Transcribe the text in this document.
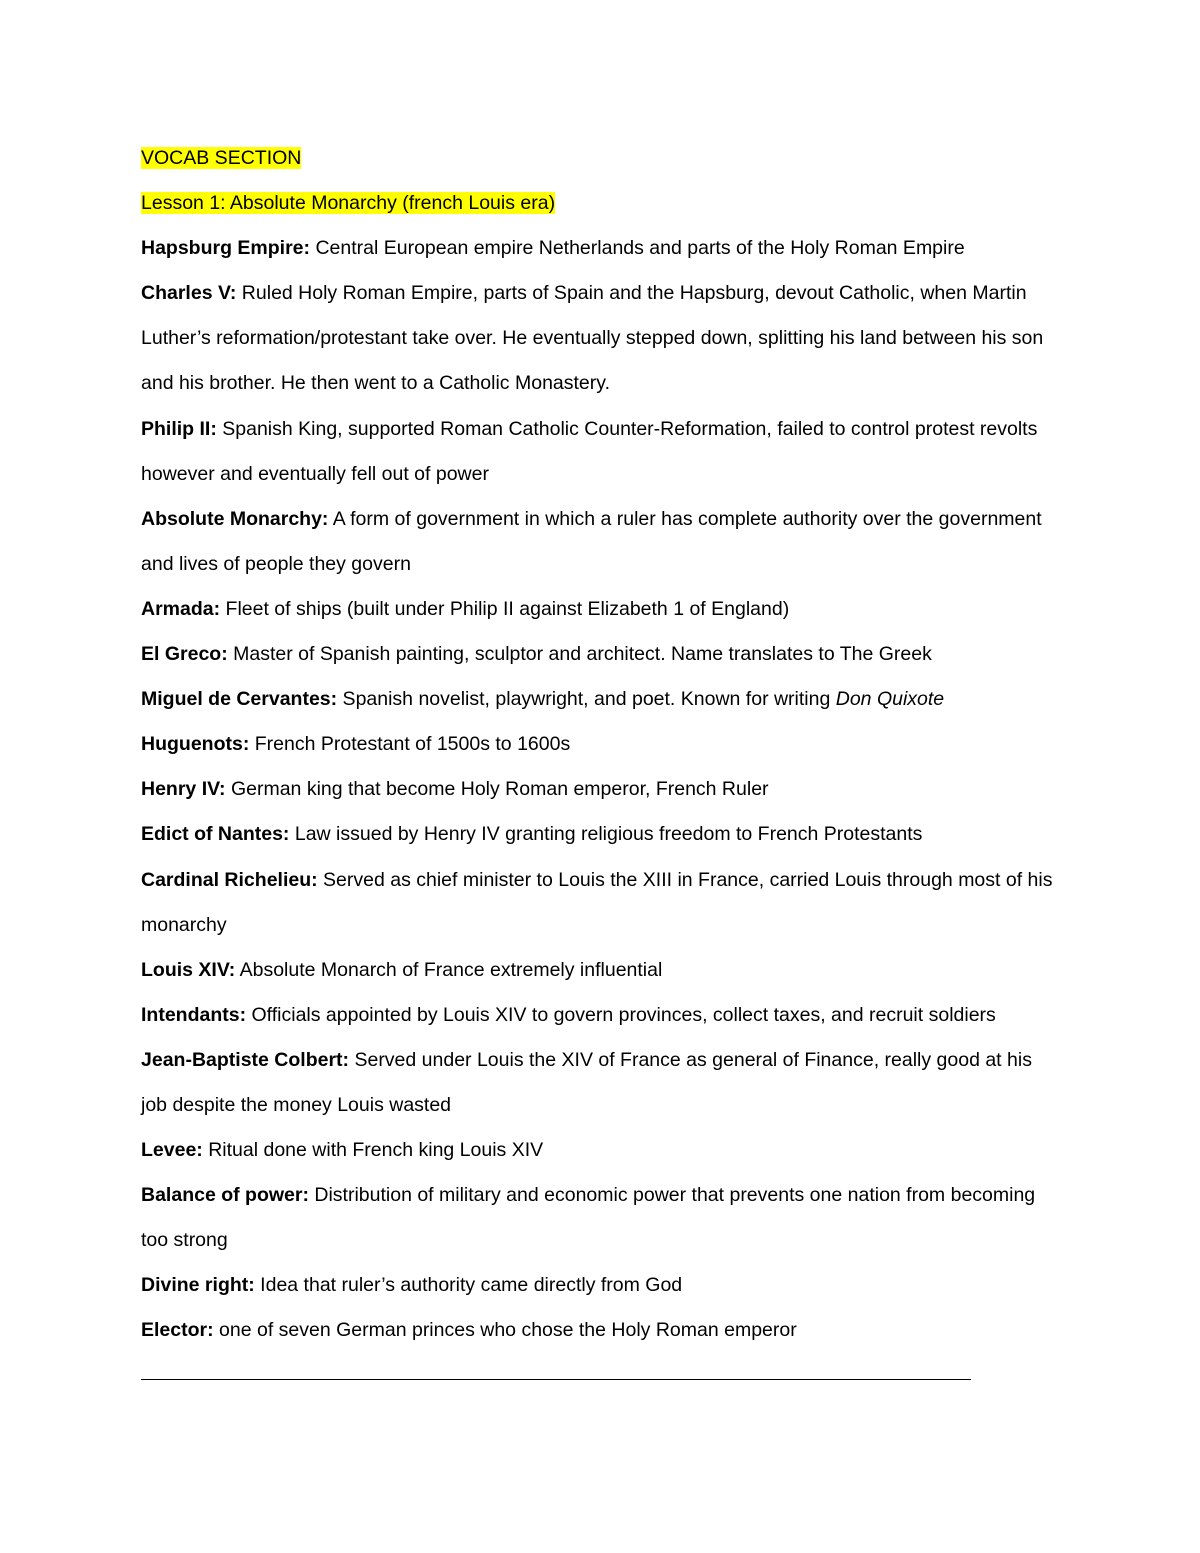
VOCAB SECTION
Lesson 1: Absolute Monarchy (french Louis era)
Hapsburg Empire: Central European empire Netherlands and parts of the Holy Roman Empire
Charles V: Ruled Holy Roman Empire, parts of Spain and the Hapsburg, devout Catholic, when Martin
Luther’s reformation/protestant take over. He eventually stepped down, splitting his land between his son
and his brother. He then went to a Catholic Monastery.
Philip II: Spanish King, supported Roman Catholic Counter-Reformation, failed to control protest revolts
however and eventually fell out of power
Absolute Monarchy: A form of government in which a ruler has complete authority over the government
and lives of people they govern
Armada: Fleet of ships (built under Philip II against Elizabeth 1 of England)
El Greco: Master of Spanish painting, sculptor and architect. Name translates to The Greek
Miguel de Cervantes: Spanish novelist, playwright, and poet. Known for writing Don Quixote
Huguenots: French Protestant of 1500s to 1600s
Henry IV: German king that become Holy Roman emperor, French Ruler
Edict of Nantes: Law issued by Henry IV granting religious freedom to French Protestants
Cardinal Richelieu: Served as chief minister to Louis the XIII in France, carried Louis through most of his
monarchy
Louis XIV: Absolute Monarch of France extremely influential
Intendants: Officials appointed by Louis XIV to govern provinces, collect taxes, and recruit soldiers
Jean-Baptiste Colbert: Served under Louis the XIV of France as general of Finance, really good at his
job despite the money Louis wasted
Levee: Ritual done with French king Louis XIV
Balance of power: Distribution of military and economic power that prevents one nation from becoming
too strong
Divine right: Idea that ruler’s authority came directly from God
Elector: one of seven German princes who chose the Holy Roman emperor
